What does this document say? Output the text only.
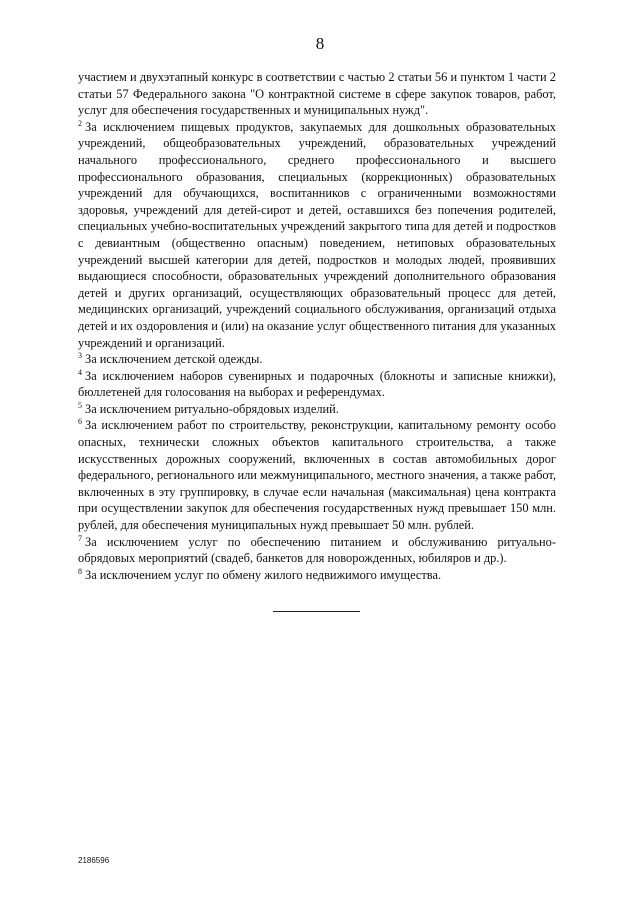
8

участием и двухэтапный конкурс в соответствии с частью 2 статьи 56 и пунктом 1 части 2 статьи 57 Федерального закона "О контрактной системе в сфере закупок товаров, работ, услуг для обеспечения государственных и муниципальных нужд".

$^2$ За исключением пищевых продуктов, закупаемых для дошкольных образовательных учреждений, общеобразовательных учреждений, образовательных учреждений начального профессионального, среднего профессионального и высшего профессионального образования, специальных (коррекционных) образовательных учреждений для обучающихся, воспитанников с ограниченными возможностями здоровья, учреждений для детей-сирот и детей, оставшихся без попечения родителей, специальных учебно-воспитательных учреждений закрытого типа для детей и подростков с девиантным (общественно опасным) поведением, нетиповых образовательных учреждений высшей категории для детей, подростков и молодых людей, проявивших выдающиеся способности, образовательных учреждений дополнительного образования детей и других организаций, осуществляющих образовательный процесс для детей, медицинских организаций, учреждений социального обслуживания, организаций отдыха детей и их оздоровления и (или) на оказание услуг общественного питания для указанных учреждений и организаций.

$^3$ За исключением детской одежды.

$^4$ За исключением наборов сувенирных и подарочных (блокноты и записные книжки), бюллетеней для голосования на выборах и референдумах.

$^5$ За исключением ритуально-обрядовых изделий.

$^6$ За исключением работ по строительству, реконструкции, капитальному ремонту особо опасных, технически сложных объектов капитального строительства, а также искусственных дорожных сооружений, включенных в состав автомобильных дорог федерального, регионального или межмуниципального, местного значения, а также работ, включенных в эту группировку, в случае если начальная (максимальная) цена контракта при осуществлении закупок для обеспечения государственных нужд превышает 150 млн. рублей, для обеспечения муниципальных нужд превышает 50 млн. рублей.

$^7$ За исключением услуг по обеспечению питанием и обслуживанию ритуально-обрядовых мероприятий (свадеб, банкетов для новорожденных, юбиляров и др.).

$^8$ За исключением услуг по обмену жилого недвижимого имущества.

2186596
